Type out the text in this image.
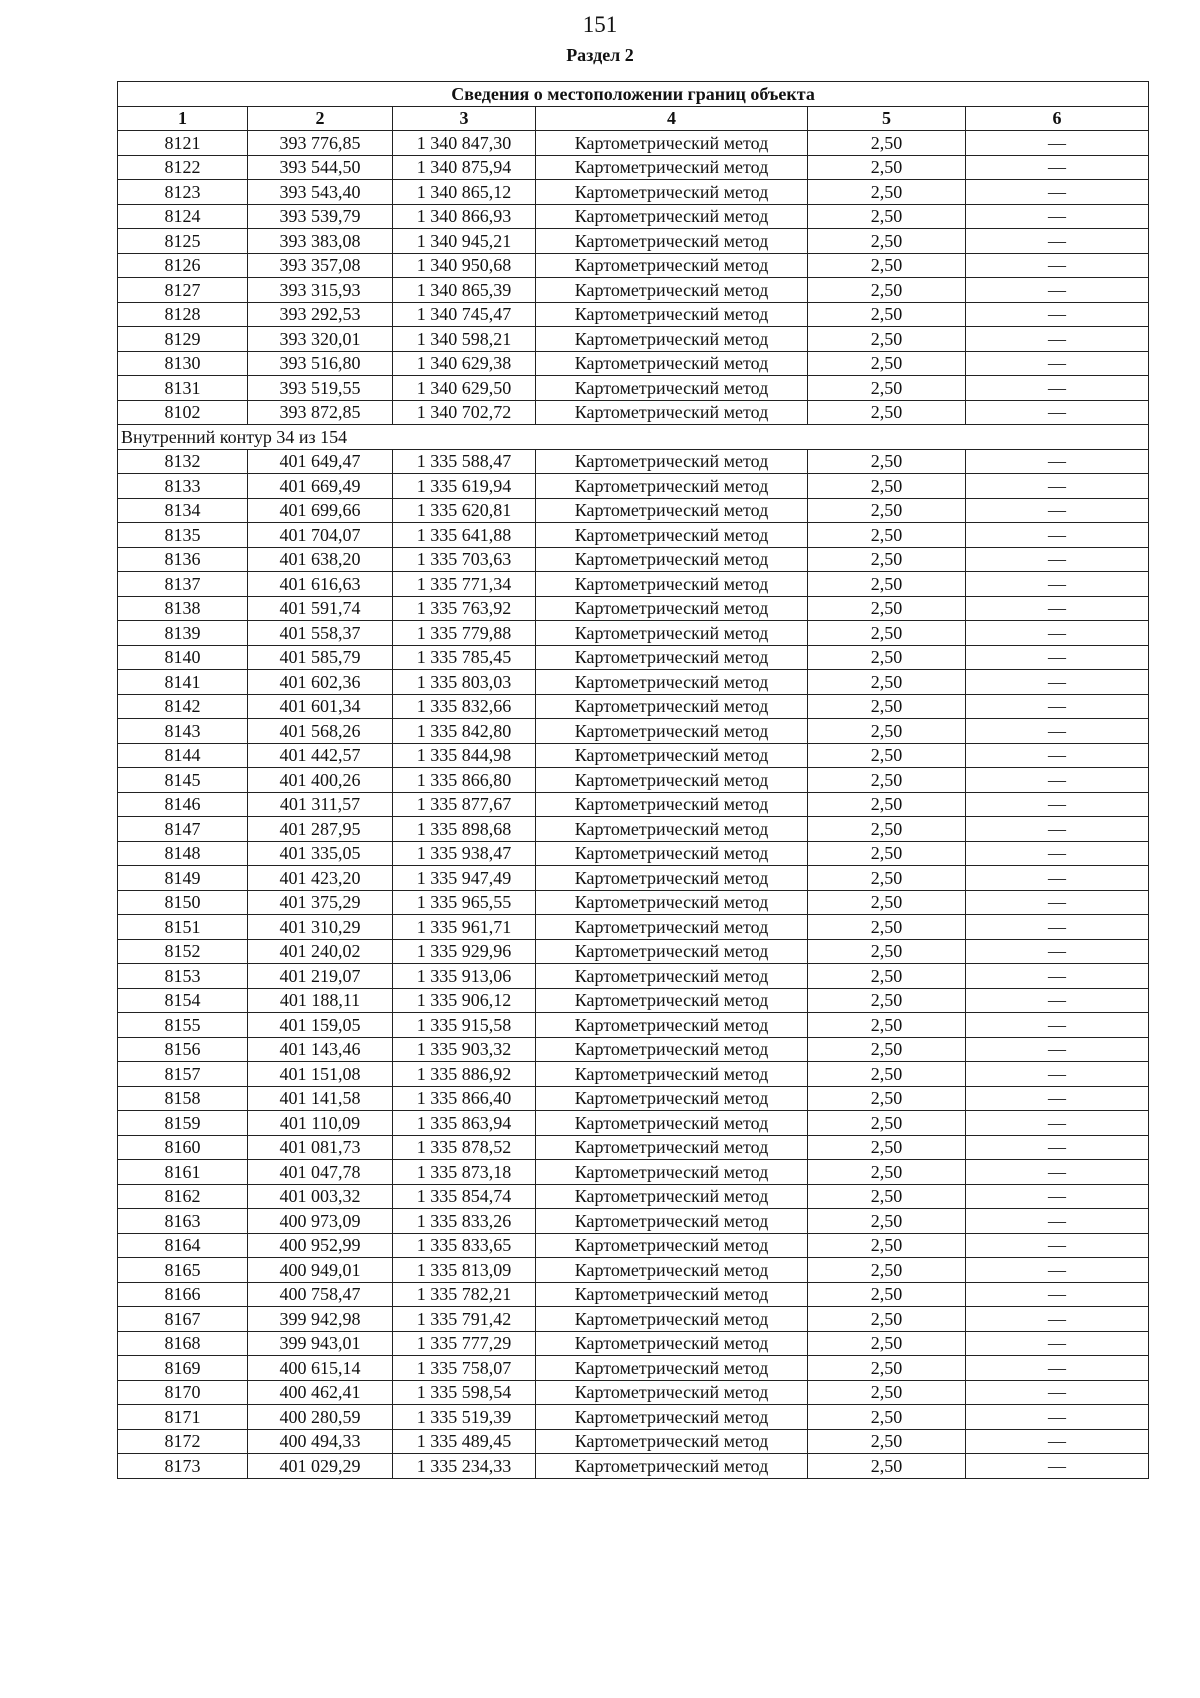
151
Раздел 2
Сведения о местоположении границ объекта					
1	2	3	4	5	6
8121	393 776,85	1 340 847,30	Картометрический метод	2,50	—
8122	393 544,50	1 340 875,94	Картометрический метод	2,50	—
8123	393 543,40	1 340 865,12	Картометрический метод	2,50	—
8124	393 539,79	1 340 866,93	Картометрический метод	2,50	—
8125	393 383,08	1 340 945,21	Картометрический метод	2,50	—
8126	393 357,08	1 340 950,68	Картометрический метод	2,50	—
8127	393 315,93	1 340 865,39	Картометрический метод	2,50	—
8128	393 292,53	1 340 745,47	Картометрический метод	2,50	—
8129	393 320,01	1 340 598,21	Картометрический метод	2,50	—
8130	393 516,80	1 340 629,38	Картометрический метод	2,50	—
8131	393 519,55	1 340 629,50	Картометрический метод	2,50	—
8102	393 872,85	1 340 702,72	Картометрический метод	2,50	—
Внутренний контур 34 из 154					
8132	401 649,47	1 335 588,47	Картометрический метод	2,50	—
8133	401 669,49	1 335 619,94	Картометрический метод	2,50	—
8134	401 699,66	1 335 620,81	Картометрический метод	2,50	—
8135	401 704,07	1 335 641,88	Картометрический метод	2,50	—
8136	401 638,20	1 335 703,63	Картометрический метод	2,50	—
8137	401 616,63	1 335 771,34	Картометрический метод	2,50	—
8138	401 591,74	1 335 763,92	Картометрический метод	2,50	—
8139	401 558,37	1 335 779,88	Картометрический метод	2,50	—
8140	401 585,79	1 335 785,45	Картометрический метод	2,50	—
8141	401 602,36	1 335 803,03	Картометрический метод	2,50	—
8142	401 601,34	1 335 832,66	Картометрический метод	2,50	—
8143	401 568,26	1 335 842,80	Картометрический метод	2,50	—
8144	401 442,57	1 335 844,98	Картометрический метод	2,50	—
8145	401 400,26	1 335 866,80	Картометрический метод	2,50	—
8146	401 311,57	1 335 877,67	Картометрический метод	2,50	—
8147	401 287,95	1 335 898,68	Картометрический метод	2,50	—
8148	401 335,05	1 335 938,47	Картометрический метод	2,50	—
8149	401 423,20	1 335 947,49	Картометрический метод	2,50	—
8150	401 375,29	1 335 965,55	Картометрический метод	2,50	—
8151	401 310,29	1 335 961,71	Картометрический метод	2,50	—
8152	401 240,02	1 335 929,96	Картометрический метод	2,50	—
8153	401 219,07	1 335 913,06	Картометрический метод	2,50	—
8154	401 188,11	1 335 906,12	Картометрический метод	2,50	—
8155	401 159,05	1 335 915,58	Картометрический метод	2,50	—
8156	401 143,46	1 335 903,32	Картометрический метод	2,50	—
8157	401 151,08	1 335 886,92	Картометрический метод	2,50	—
8158	401 141,58	1 335 866,40	Картометрический метод	2,50	—
8159	401 110,09	1 335 863,94	Картометрический метод	2,50	—
8160	401 081,73	1 335 878,52	Картометрический метод	2,50	—
8161	401 047,78	1 335 873,18	Картометрический метод	2,50	—
8162	401 003,32	1 335 854,74	Картометрический метод	2,50	—
8163	400 973,09	1 335 833,26	Картометрический метод	2,50	—
8164	400 952,99	1 335 833,65	Картометрический метод	2,50	—
8165	400 949,01	1 335 813,09	Картометрический метод	2,50	—
8166	400 758,47	1 335 782,21	Картометрический метод	2,50	—
8167	399 942,98	1 335 791,42	Картометрический метод	2,50	—
8168	399 943,01	1 335 777,29	Картометрический метод	2,50	—
8169	400 615,14	1 335 758,07	Картометрический метод	2,50	—
8170	400 462,41	1 335 598,54	Картометрический метод	2,50	—
8171	400 280,59	1 335 519,39	Картометрический метод	2,50	—
8172	400 494,33	1 335 489,45	Картометрический метод	2,50	—
8173	401 029,29	1 335 234,33	Картометрический метод	2,50	—
